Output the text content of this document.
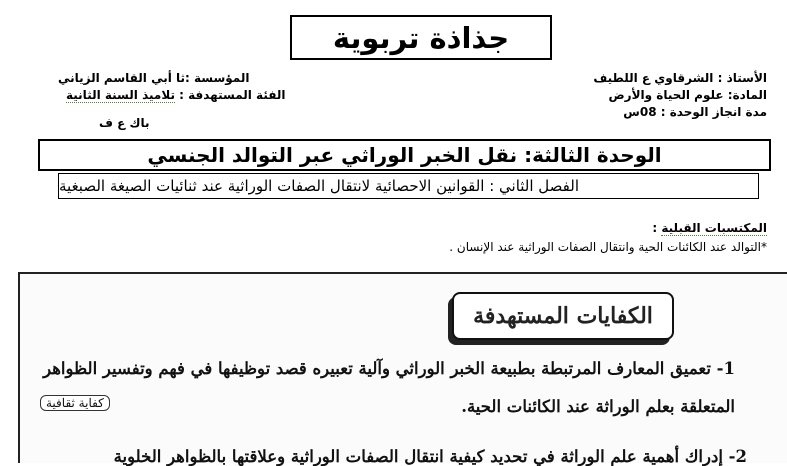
جذاذة تربوية
الأستاذ : الشرقاوي ع اللطيف
المادة: علوم الحياة والأرض
مدة انجاز الوحدة : 08س
المؤسسة :ثا أبي القاسم الزياني
الفئة المستهدفة : تلاميذ السنة الثانية
باك ع ف
الوحدة الثالثة: نقل الخبر الوراثي عبر التوالد الجنسي
الفصل الثاني : القوانين الاحصائية لانتقال الصفات الوراثية عند ثنائيات الصيغة الصبغية
المكتسبات القبلية :
*التوالد عند الكائنات الحية وانتقال الصفات الوراثية عند الإنسان .
الكفايات المستهدفة
1- تعميق المعارف المرتبطة بطبيعة الخبر الوراثي وآلية تعبيره قصد توظيفها في فهم وتفسير الظواهر
كفاية ثقافية	المتعلقة بعلم الوراثة عند الكائنات الحية.
2- إدراك أهمية علم الوراثة في تحديد كيفية انتقال الصفات الوراثية وعلاقتها بالظواهر الخلوية
